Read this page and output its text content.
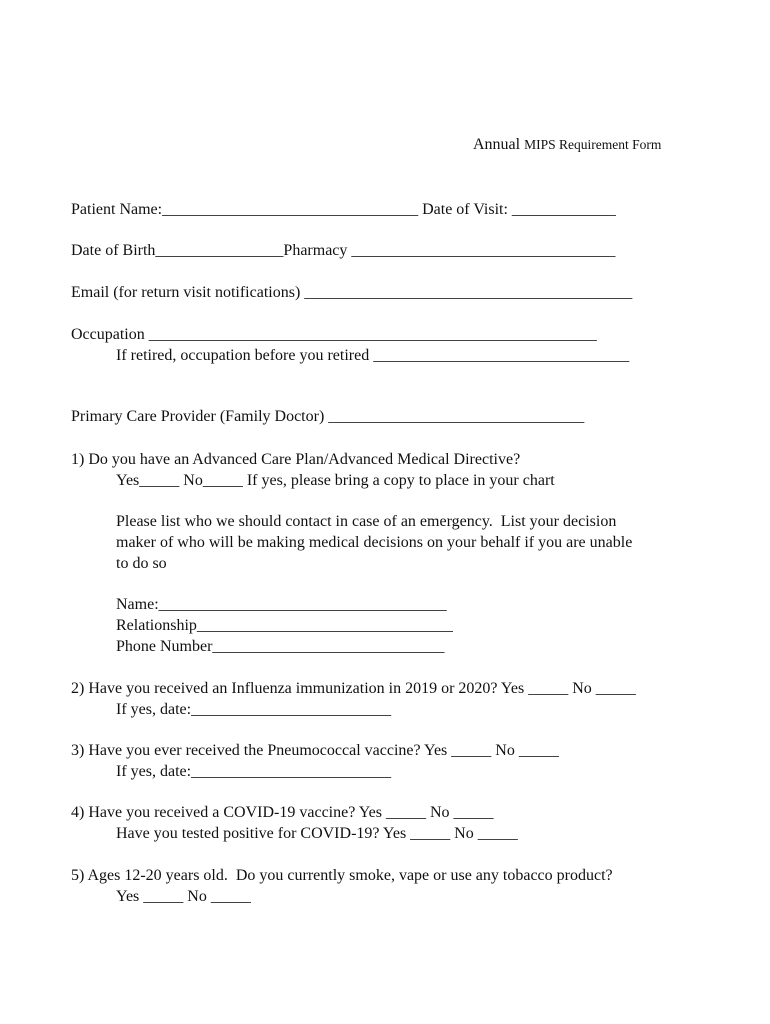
Annual MIPS Requirement Form
Patient Name:________________________________ Date of Visit: _____________
Date of Birth________________Pharmacy _________________________________
Email (for return visit notifications) _________________________________________
Occupation ________________________________________________________
If retired, occupation before you retired ________________________________
Primary Care Provider (Family Doctor) ________________________________
1) Do you have an Advanced Care Plan/Advanced Medical Directive?
Yes_____ No_____ If yes, please bring a copy to place in your chart
Please list who we should contact in case of an emergency.  List your decision
maker of who will be making medical decisions on your behalf if you are unable
to do so
Name:____________________________________
Relationship________________________________
Phone Number_____________________________
2) Have you received an Influenza immunization in 2019 or 2020? Yes _____ No _____
If yes, date:_________________________
3) Have you ever received the Pneumococcal vaccine? Yes _____ No _____
If yes, date:_________________________
4) Have you received a COVID-19 vaccine? Yes _____ No _____
Have you tested positive for COVID-19? Yes _____ No _____
5) Ages 12-20 years old.  Do you currently smoke, vape or use any tobacco product?
Yes _____ No _____
